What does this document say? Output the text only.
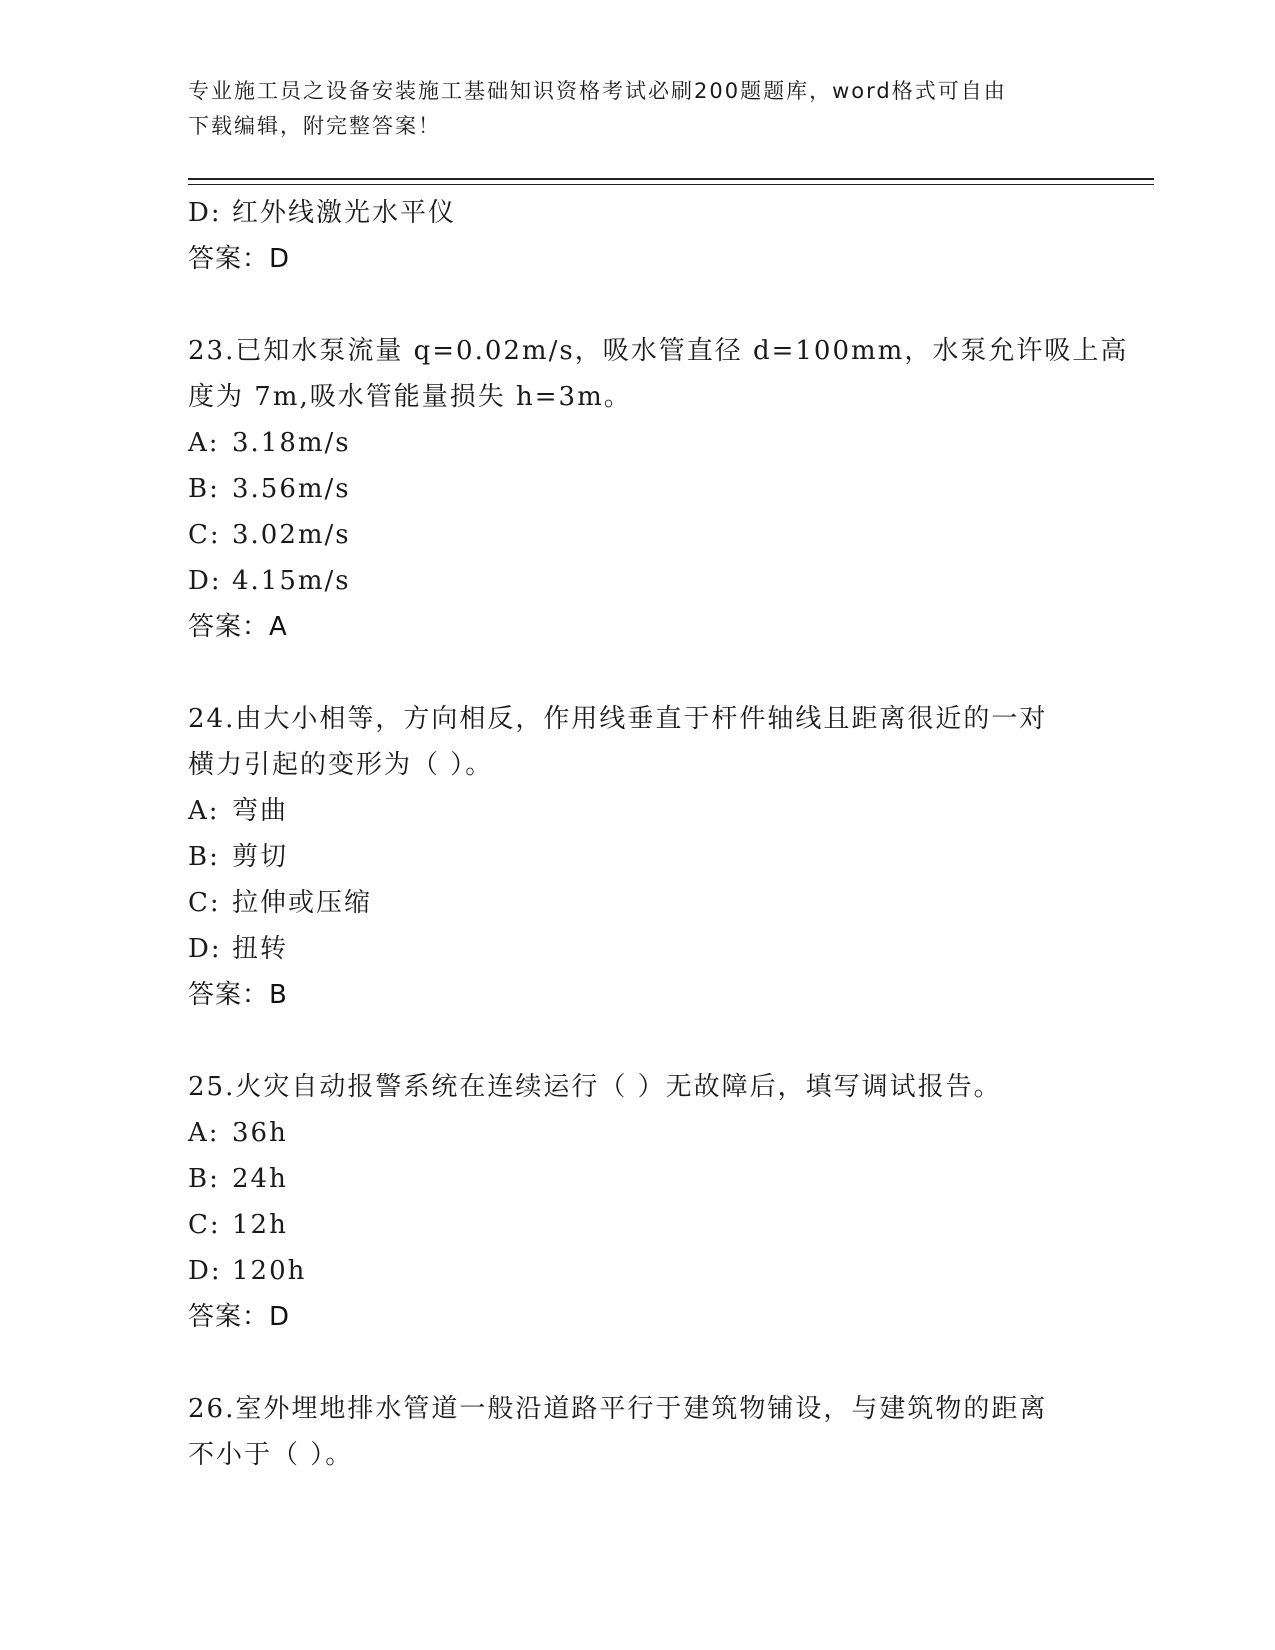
专业施工员之设备安装施工基础知识资格考试必刷200题题库，word格式可自由
下载编辑，附完整答案！
D: 红外线激光水平仪
答案：D
23.已知水泵流量 q=0.02m/s，吸水管直径 d=100mm，水泵允许吸上高
度为 7m,吸水管能量损失 h=3m。
A: 3.18m/s
B: 3.56m/s
C: 3.02m/s
D: 4.15m/s
答案：A
24.由大小相等，方向相反，作用线垂直于杆件轴线且距离很近的一对
横力引起的变形为（ ）。
A: 弯曲
B: 剪切
C: 拉伸或压缩
D: 扭转
答案：B
25.火灾自动报警系统在连续运行（ ）无故障后，填写调试报告。
A: 36h
B: 24h
C: 12h
D: 120h
答案：D
26.室外埋地排水管道一般沿道路平行于建筑物铺设，与建筑物的距离
不小于（ ）。
